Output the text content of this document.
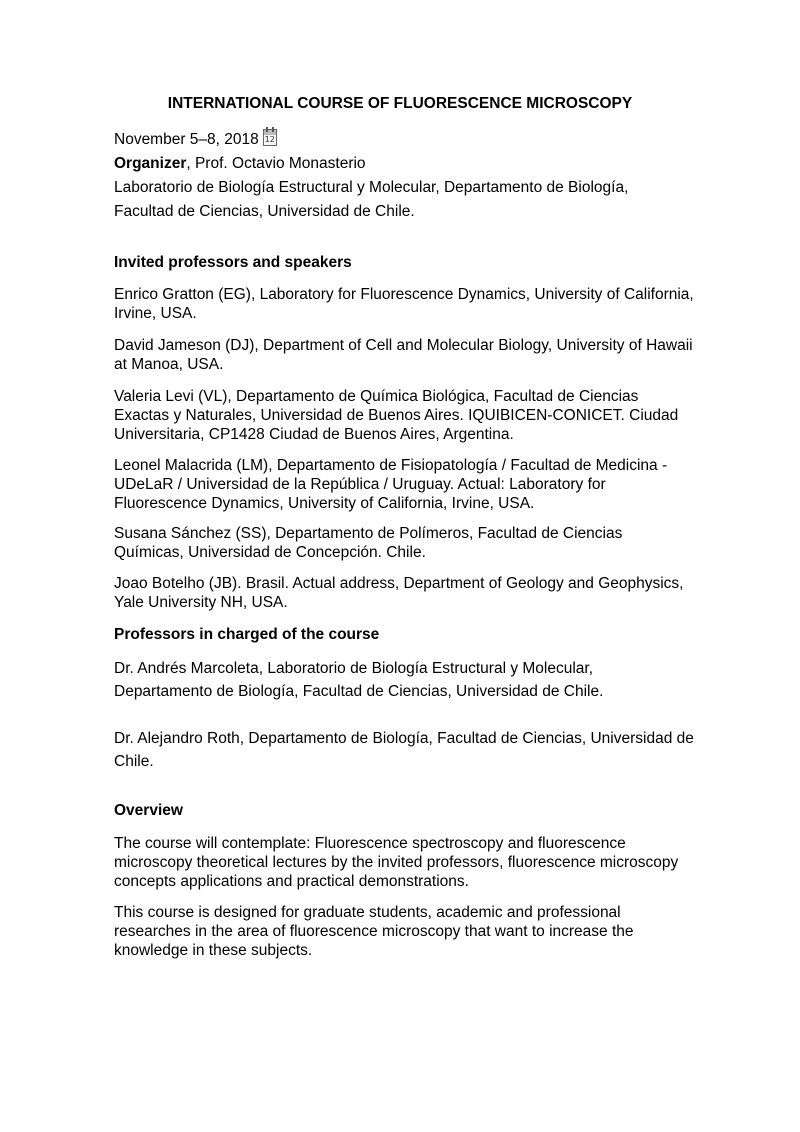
INTERNATIONAL COURSE OF FLUORESCENCE MICROSCOPY

November 5–8, 2018 12

Organizer, Prof. Octavio Monasterio

Laboratorio de Biología Estructural y Molecular, Departamento de Biología,

Facultad de Ciencias, Universidad de Chile.

Invited professors and speakers

Enrico Gratton (EG), Laboratory for Fluorescence Dynamics, University of California, Irvine, USA.

David Jameson (DJ), Department of Cell and Molecular Biology, University of Hawaii at Manoa, USA.

Valeria Levi (VL), Departamento de Química Biológica, Facultad de Ciencias Exactas y Naturales, Universidad de Buenos Aires. IQUIBICEN-CONICET. Ciudad Universitaria, CP1428 Ciudad de Buenos Aires, Argentina.

Leonel Malacrida (LM), Departamento de Fisiopatología / Facultad de Medicina - UDeLaR / Universidad de la República / Uruguay. Actual: Laboratory for Fluorescence Dynamics, University of California, Irvine, USA.

Susana Sánchez (SS), Departamento de Polímeros, Facultad de Ciencias Químicas, Universidad de Concepción. Chile.

Joao Botelho (JB). Brasil. Actual address, Department of Geology and Geophysics, Yale University NH, USA.

Professors in charged of the course

Dr. Andrés Marcoleta, Laboratorio de Biología Estructural y Molecular, Departamento de Biología, Facultad de Ciencias, Universidad de Chile.

Dr. Alejandro Roth, Departamento de Biología, Facultad de Ciencias, Universidad de Chile.

Overview

The course will contemplate: Fluorescence spectroscopy and fluorescence microscopy theoretical lectures by the invited professors, fluorescence microscopy concepts applications and practical demonstrations.

This course is designed for graduate students, academic and professional researches in the area of fluorescence microscopy that want to increase the knowledge in these subjects.
